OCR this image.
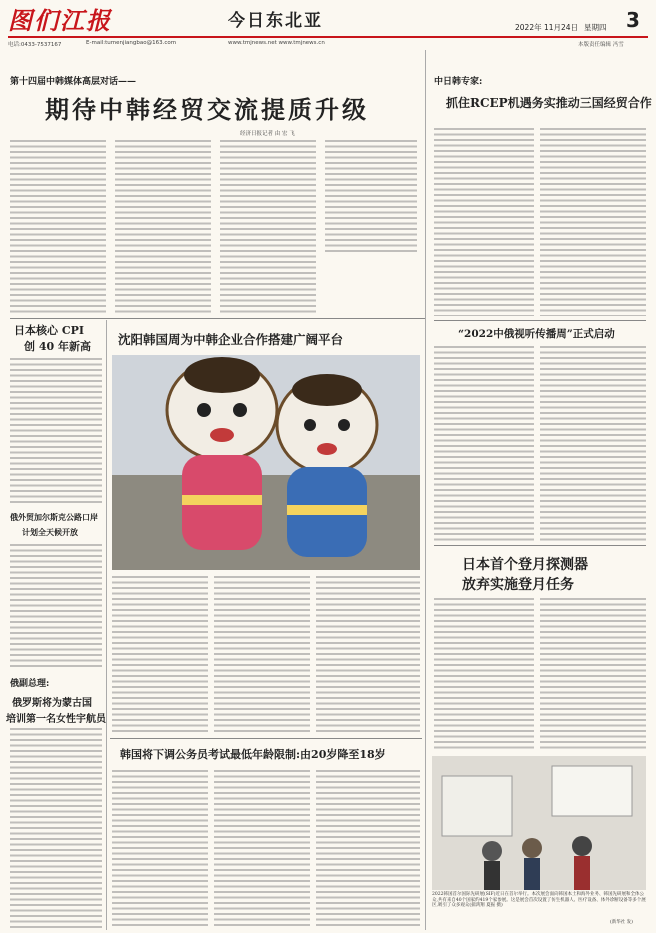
图们江报	今日东北亚	2022年 11月24日 星期四 3
电话:0433-7537167	E-mail:tumenjiangbao@163.com	www.tmjnews.net www.tmjnews.cn	本版责任编辑 冯雪
第十四届中韩媒体高层对话——
期待中韩经贸交流提质升级
经济日报记者 由 宏 飞
中日韩专家:
抓住RCEP机遇务实推动三国经贸合作
日本核心 CPI
创 40 年新高
俄外贸加尔斯克公路口岸
计划全天候开放
俄副总理:
俄罗斯将为蒙古国
培训第一名女性宇航员
沈阳韩国周为中韩企业合作搭建广阔平台
韩国将下调公务员考试最低年龄限制:由20岁降至18岁
“2022中俄视听传播周”正式启动
日本首个登月探测器
放弃实施登月任务
2022韩国首尔国际先研展(SIF)近日在首尔举行。本次展会面向韩国本土和海外业务、韩国先研展和全体公众,共有来自40个国家约419个家参展。这是展会首次设置了仿生机器人、医疗设备、体外诊断设备等多个展区,吸引了众多观众(揣鸿翔 夏振 摄)
(新华社 发)
